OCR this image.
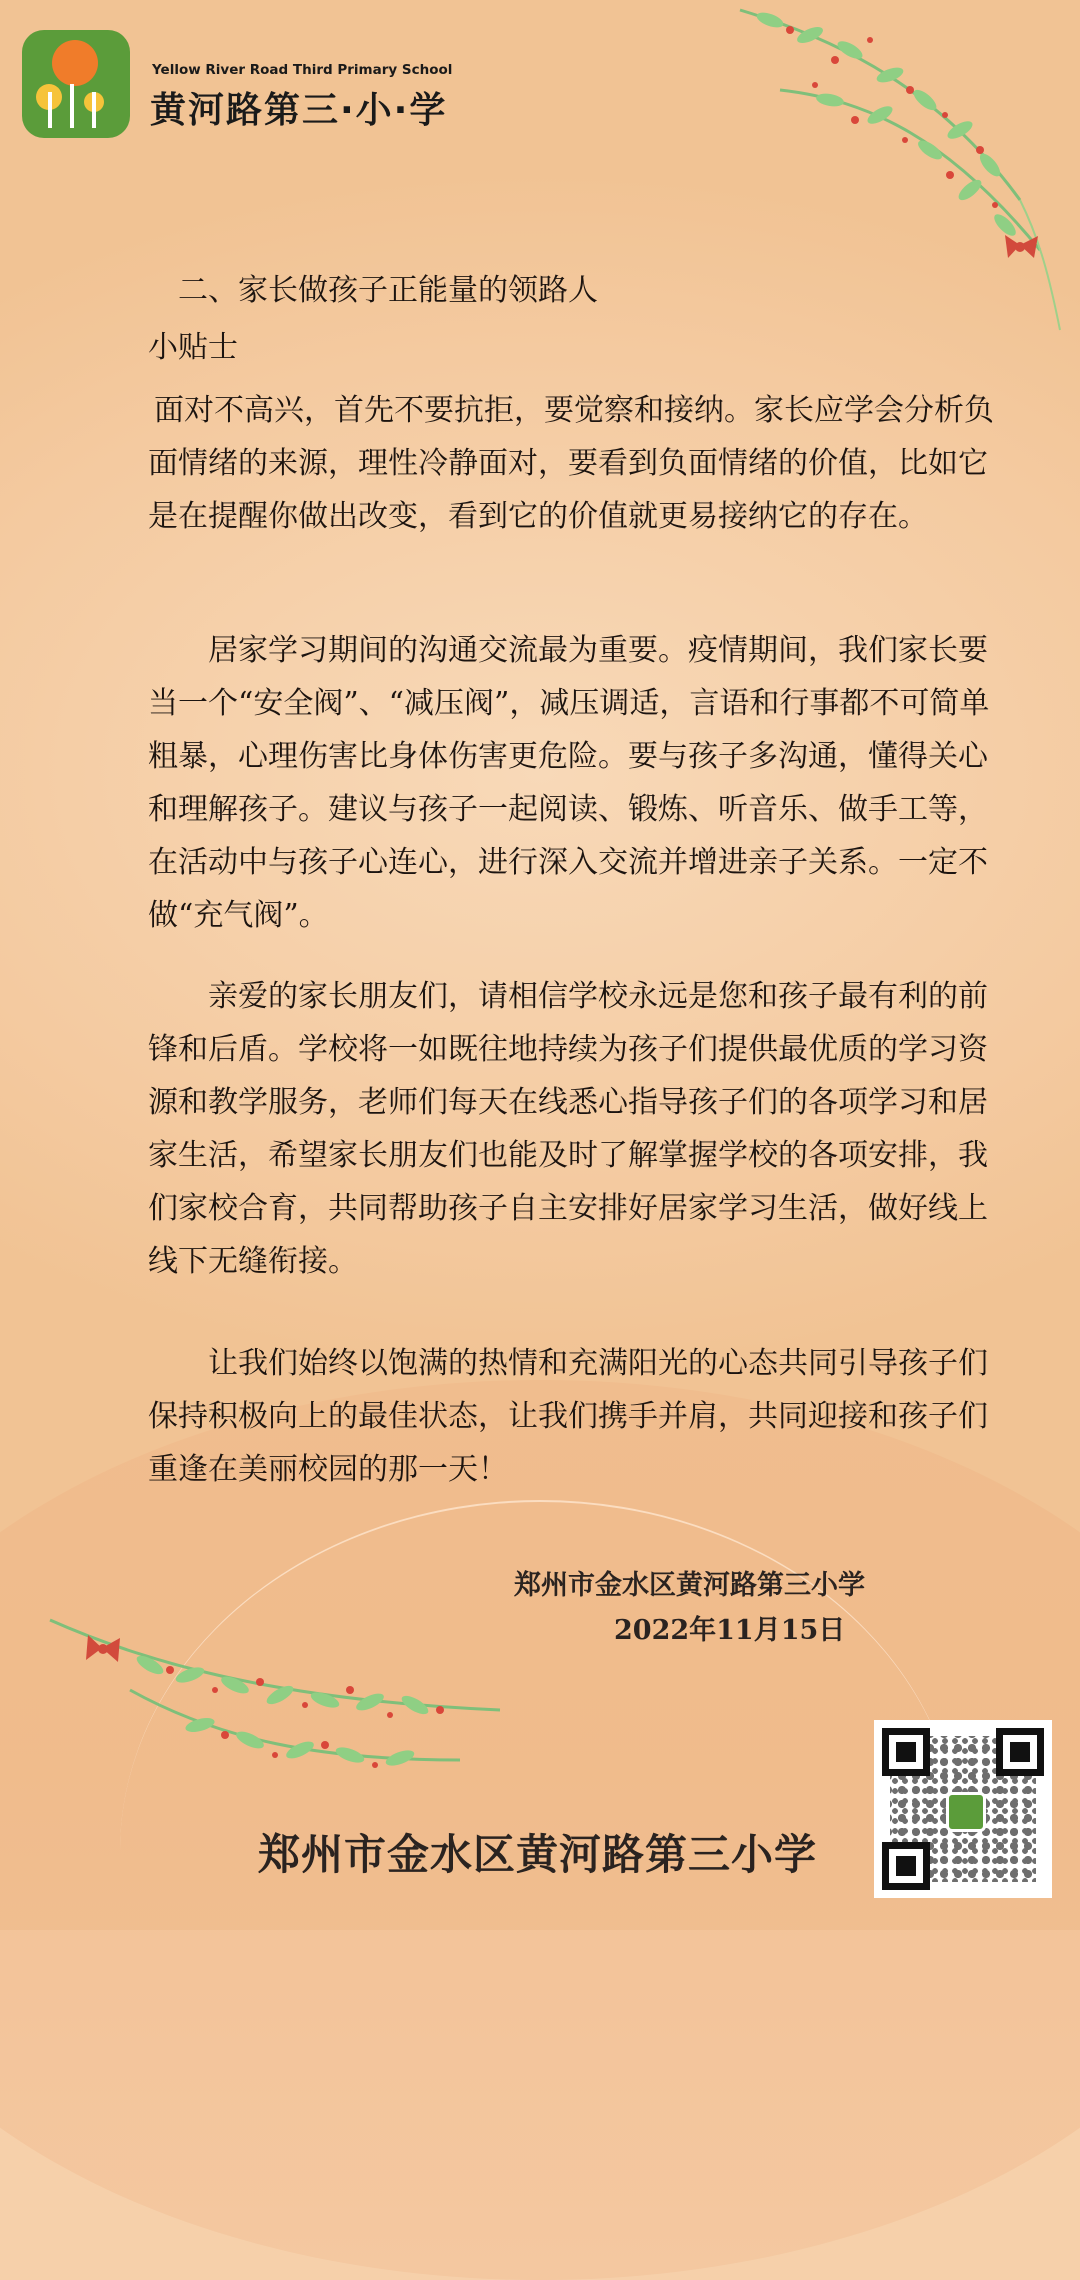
Yellow River Road Third Primary School
黄河路第三·小·学

二、家长做孩子正能量的领路人

小贴士

面对不高兴，首先不要抗拒，要觉察和接纳。家长应学会分析负面情绪的来源，理性冷静面对，要看到负面情绪的价值，比如它是在提醒你做出改变，看到它的价值就更易接纳它的存在。

居家学习期间的沟通交流最为重要。疫情期间，我们家长要当一个“安全阀”、“减压阀”，减压调适，言语和行事都不可简单粗暴，心理伤害比身体伤害更危险。要与孩子多沟通，懂得关心和理解孩子。建议与孩子一起阅读、锻炼、听音乐、做手工等，在活动中与孩子心连心，进行深入交流并增进亲子关系。一定不做“充气阀”。

亲爱的家长朋友们，请相信学校永远是您和孩子最有利的前锋和后盾。学校将一如既往地持续为孩子们提供最优质的学习资源和教学服务，老师们每天在线悉心指导孩子们的各项学习和居家生活，希望家长朋友们也能及时了解掌握学校的各项安排，我们家校合育，共同帮助孩子自主安排好居家学习生活，做好线上线下无缝衔接。

让我们始终以饱满的热情和充满阳光的心态共同引导孩子们保持积极向上的最佳状态，让我们携手并肩，共同迎接和孩子们重逢在美丽校园的那一天！

郑州市金水区黄河路第三小学
2022年11月15日
郑州市金水区黄河路第三小学
